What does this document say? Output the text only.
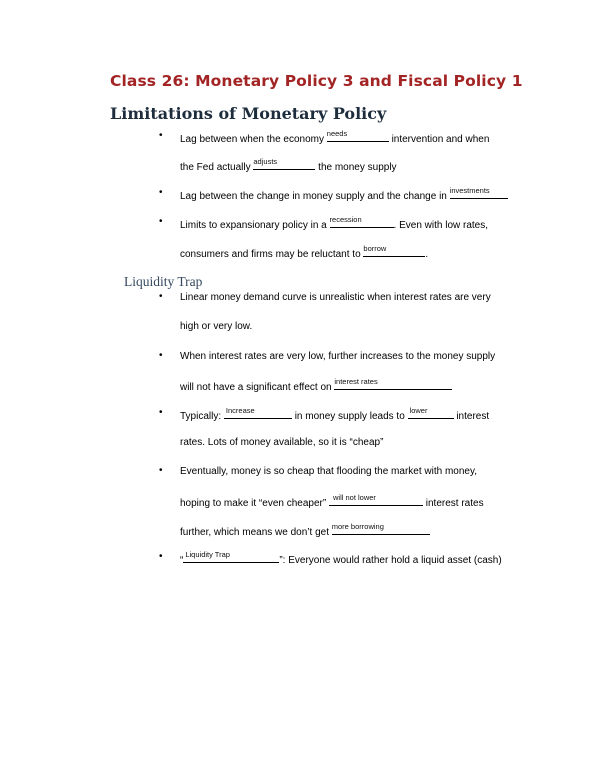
Class 26: Monetary Policy 3 and Fiscal Policy 1
Limitations of Monetary Policy
• Lag between when the economy
needs
intervention and when
the Fed actually
adjusts
the money supply
• Lag between the change in money supply and the change in
investments
• Limits to expansionary policy in a
recession
. Even with low rates,
consumers and firms may be reluctant to
borrow
.
Liquidity Trap
• Linear money demand curve is unrealistic when interest rates are very
high or very low.
• When interest rates are very low, further increases to the money supply
will not have a significant effect on
interest rates
• Typically:
Increase
in money supply leads to
lower
interest
rates. Lots of money available, so it is “cheap”
• Eventually, money is so cheap that flooding the market with money,
hoping to make it “even cheaper”
will not lower
interest rates
further, which means we don’t get
more borrowing
• “
Liquidity Trap
”: Everyone would rather hold a liquid asset (cash)
